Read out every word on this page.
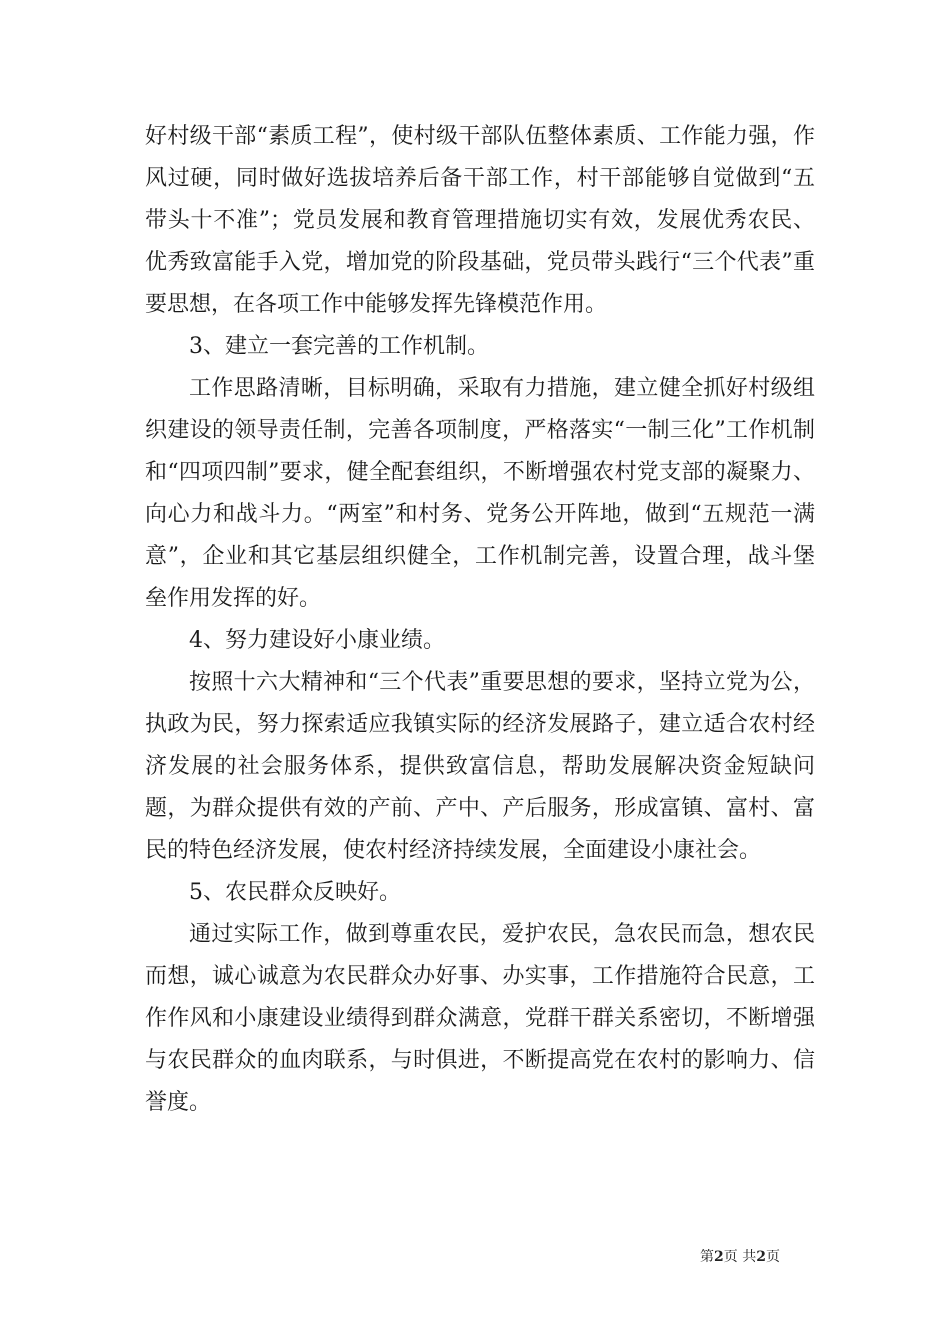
好村级干部“素质工程”，使村级干部队伍整体素质、工作能力强，作风过硬，同时做好选拔培养后备干部工作，村干部能够自觉做到“五带头十不准”；党员发展和教育管理措施切实有效，发展优秀农民、优秀致富能手入党，增加党的阶段基础，党员带头践行“三个代表”重要思想，在各项工作中能够发挥先锋模范作用。

3、建立一套完善的工作机制。

工作思路清晰，目标明确，采取有力措施，建立健全抓好村级组织建设的领导责任制，完善各项制度，严格落实“一制三化”工作机制和“四项四制”要求，健全配套组织，不断增强农村党支部的凝聚力、向心力和战斗力。“两室”和村务、党务公开阵地，做到“五规范一满意”，企业和其它基层组织健全，工作机制完善，设置合理，战斗堡垒作用发挥的好。

4、努力建设好小康业绩。

按照十六大精神和“三个代表”重要思想的要求，坚持立党为公，执政为民，努力探索适应我镇实际的经济发展路子，建立适合农村经济发展的社会服务体系，提供致富信息，帮助发展解决资金短缺问题，为群众提供有效的产前、产中、产后服务，形成富镇、富村、富民的特色经济发展，使农村经济持续发展，全面建设小康社会。

5、农民群众反映好。

通过实际工作，做到尊重农民，爱护农民，急农民而急，想农民而想，诚心诚意为农民群众办好事、办实事，工作措施符合民意，工作作风和小康建设业绩得到群众满意，党群干群关系密切，不断增强与农民群众的血肉联系，与时俱进，不断提高党在农村的影响力、信誉度。

第2页 共2页
